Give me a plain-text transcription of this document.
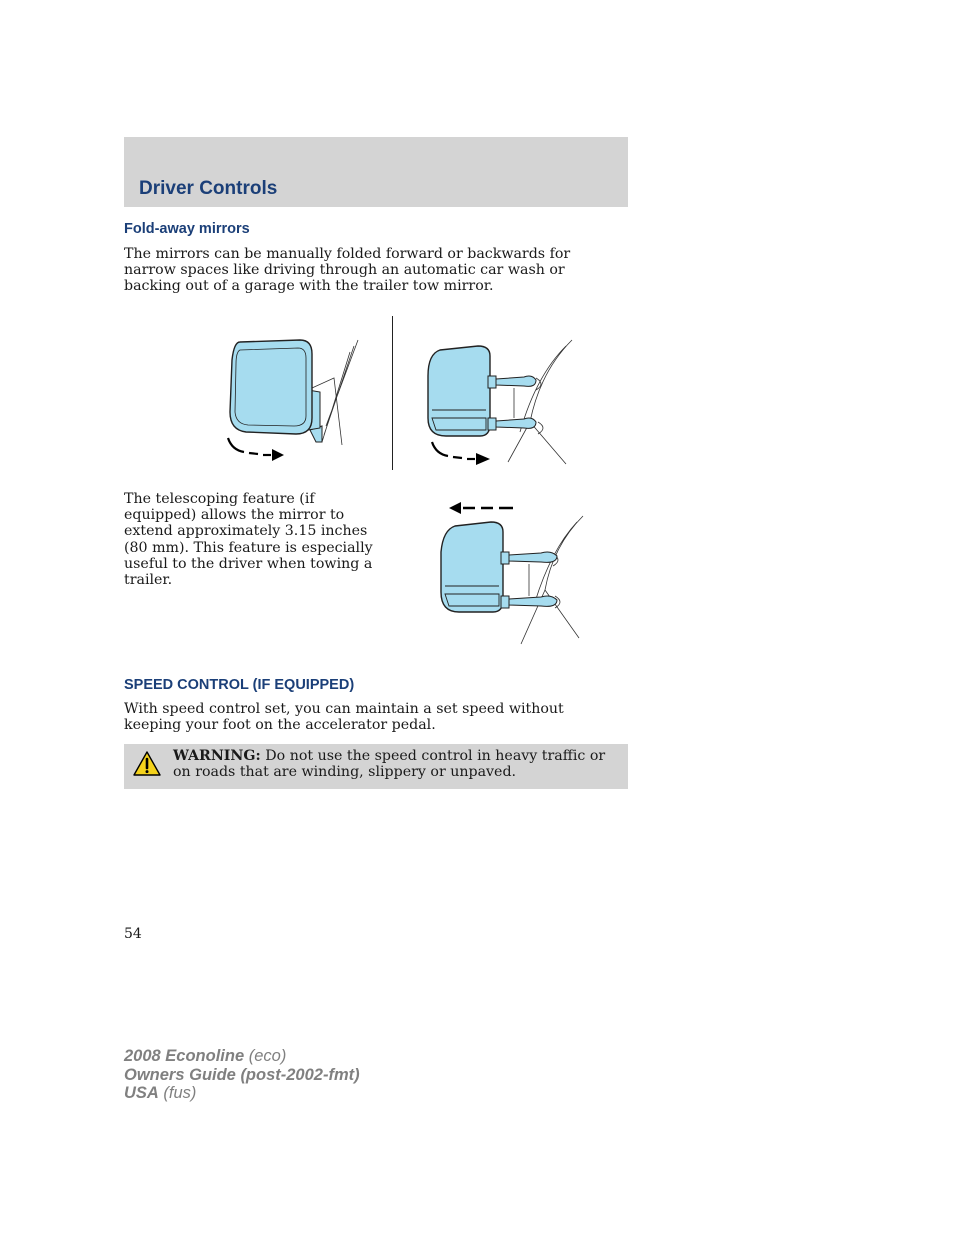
Driver Controls
Fold-away mirrors

The mirrors can be manually folded forward or backwards for narrow spaces like driving through an automatic car wash or backing out of a garage with the trailer tow mirror.

The telescoping feature (if

equipped) allows the mirror to

extend approximately 3.15 inches

(80 mm). This feature is especially

useful to the driver when towing a

trailer.

SPEED CONTROL (IF EQUIPPED)

With speed control set, you can maintain a set speed without keeping your foot on the accelerator pedal.

WARNING: Do not use the speed control in heavy traffic or on roads that are winding, slippery or unpaved.
54
2008 Econoline (eco)
Owners Guide (post-2002-fmt)
USA (fus)
